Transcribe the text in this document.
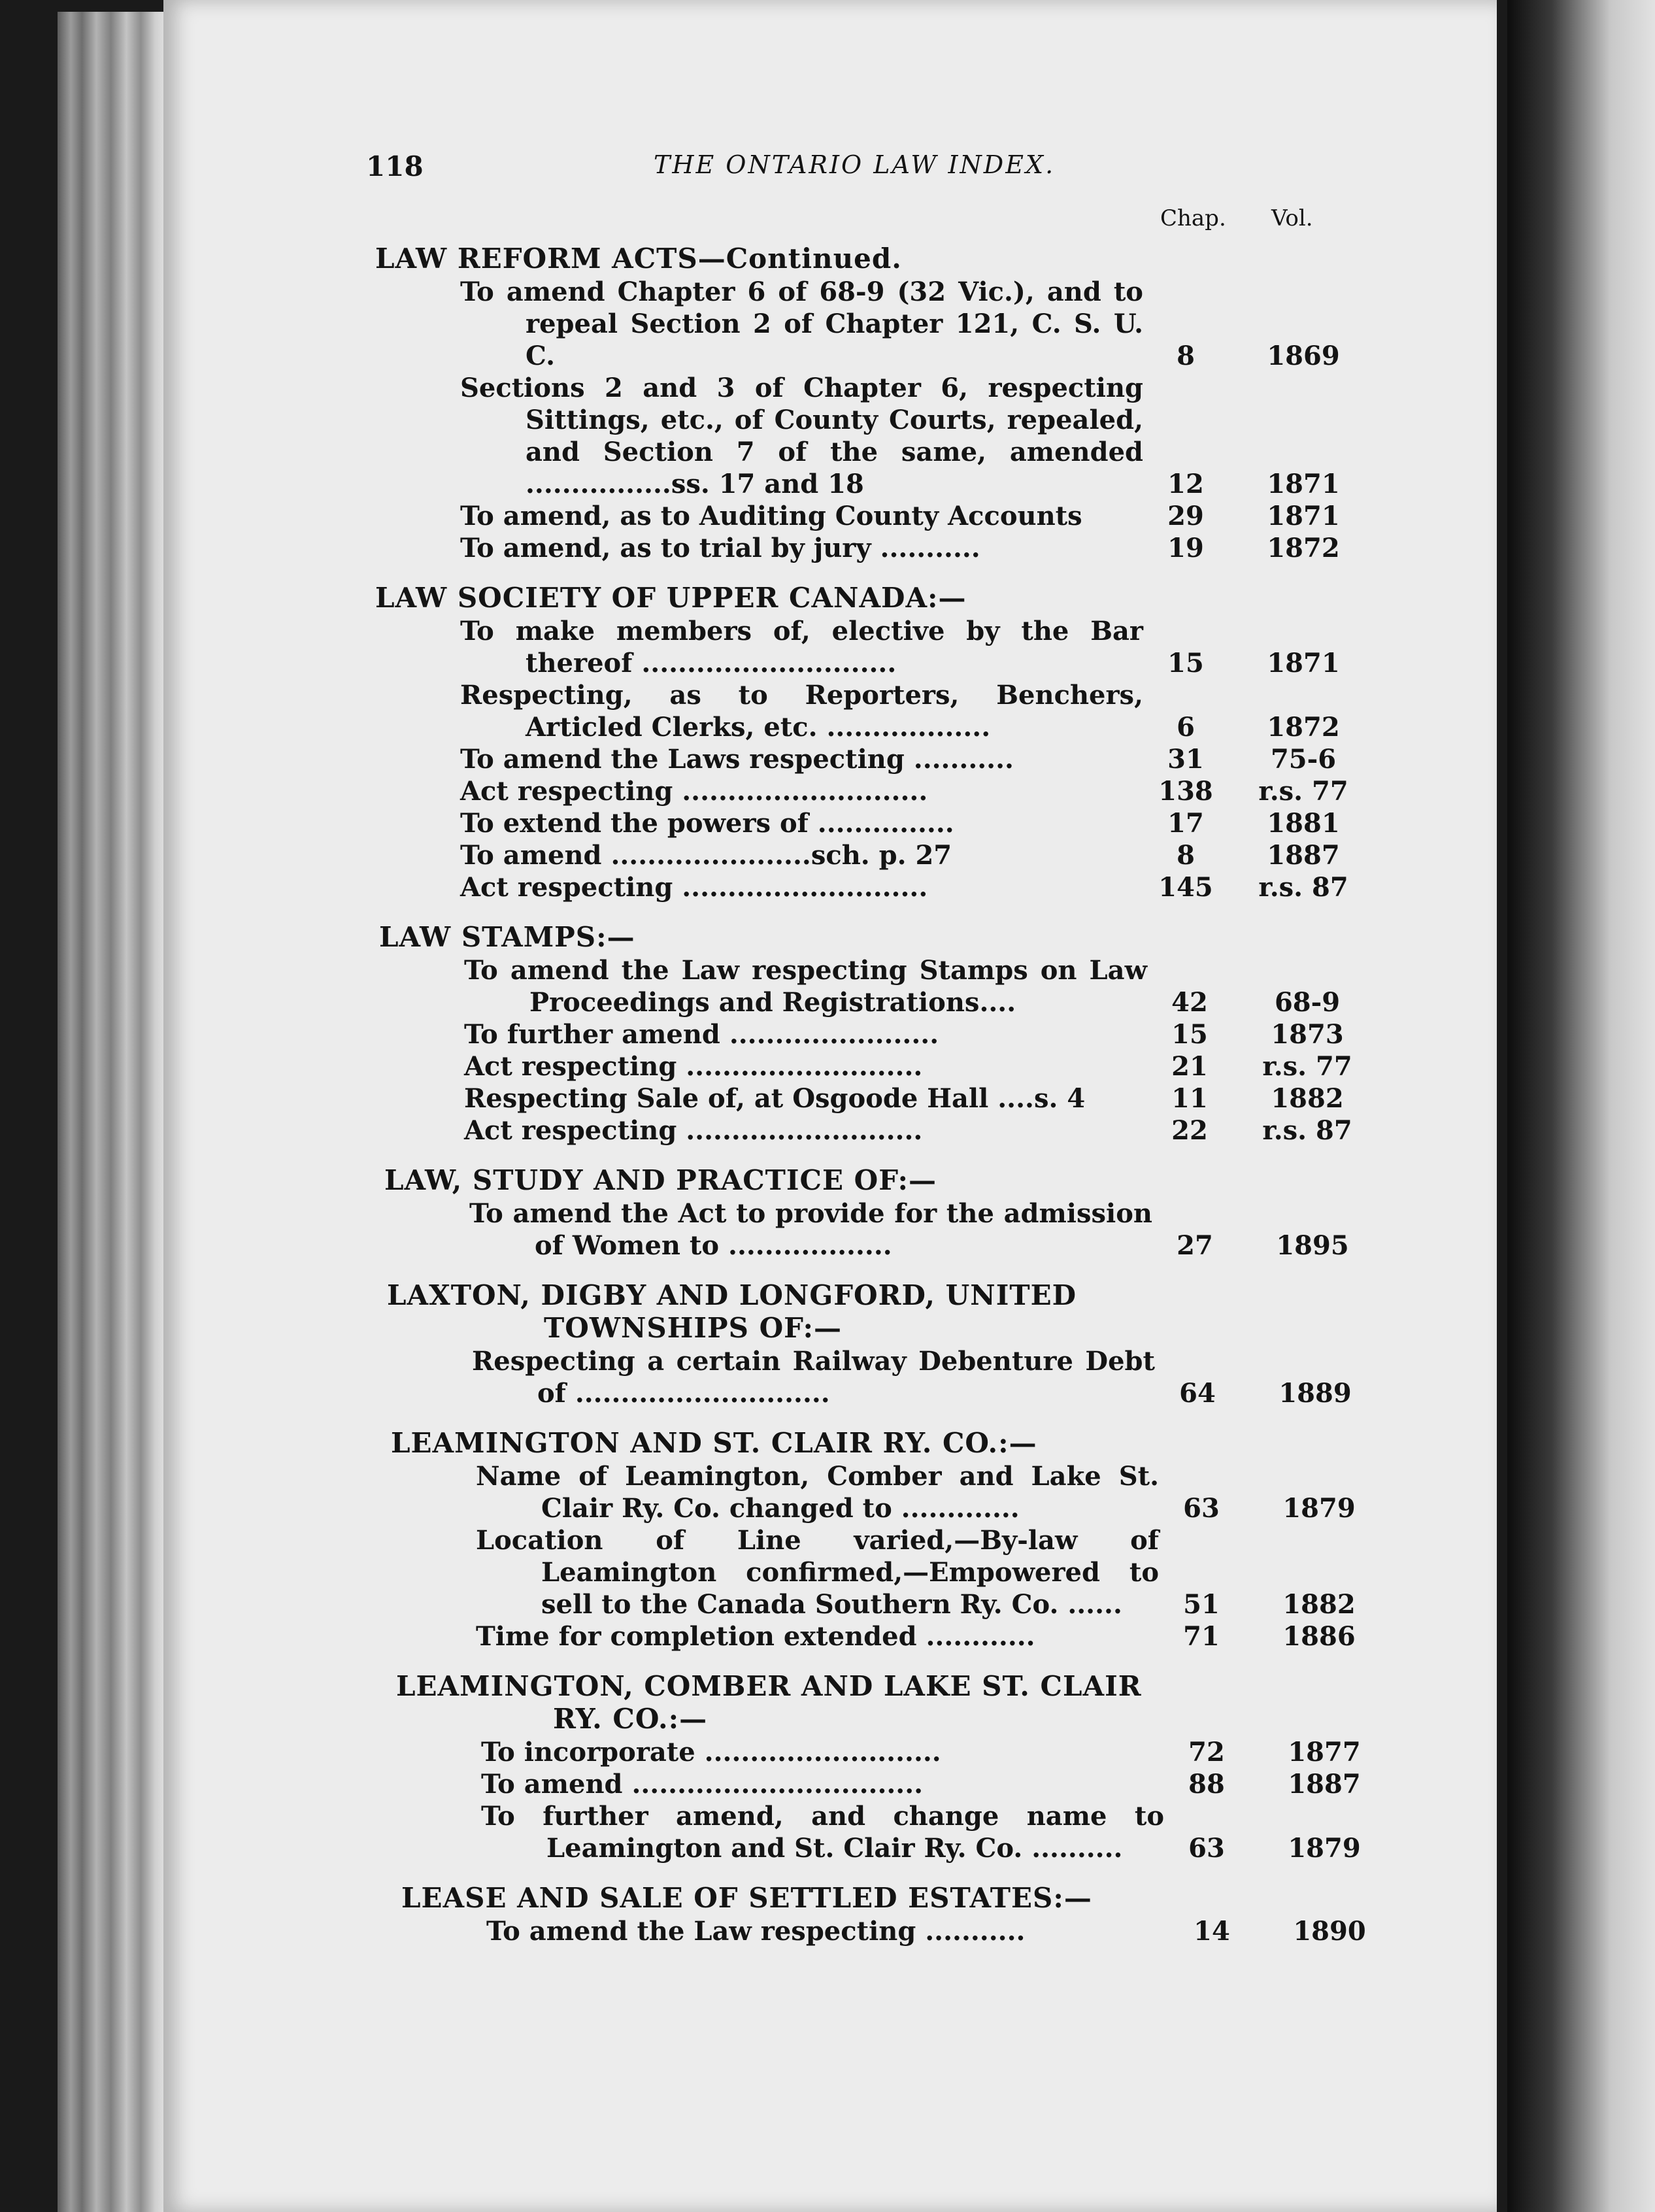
118	THE ONTARIO LAW INDEX.
Chap. Vol.
LAW REFORM ACTS—Continued.
To amend Chapter 6 of 68-9 (32 Vic.), and to repeal Section 2 of Chapter 121, C. S. U. C.	8	1869
Sections 2 and 3 of Chapter 6, respecting Sittings, etc., of County Courts, repealed, and Section 7 of the same, amended ................ss. 17 and 18	12	1871
To amend, as to Auditing County Accounts	29	1871
To amend, as to trial by jury ...........	19	1872
LAW SOCIETY OF UPPER CANADA:—
To make members of, elective by the Bar thereof ............................	15	1871
Respecting, as to Reporters, Benchers, Articled Clerks, etc. ..................	6	1872
To amend the Laws respecting ...........	31	75-6
Act respecting ...........................	138	r.s. 77
To extend the powers of ...............	17	1881
To amend ......................sch. p. 27	8	1887
Act respecting ...........................	145	r.s. 87
LAW STAMPS:—
To amend the Law respecting Stamps on Law Proceedings and Registrations....	42	68-9
To further amend .......................	15	1873
Act respecting ..........................	21	r.s. 77
Respecting Sale of, at Osgoode Hall ....s. 4	11	1882
Act respecting ..........................	22	r.s. 87
LAW, STUDY AND PRACTICE OF:—
To amend the Act to provide for the admission of Women to ..................	27	1895
LAXTON, DIGBY AND LONGFORD, UNITED
TOWNSHIPS OF:—
Respecting a certain Railway Debenture Debt of ............................	64	1889
LEAMINGTON AND ST. CLAIR RY. CO.:—
Name of Leamington, Comber and Lake St. Clair Ry. Co. changed to .............	63	1879
Location of Line varied,—By-law of Leamington confirmed,—Empowered to sell to the Canada Southern Ry. Co. ......	51	1882
Time for completion extended ............	71	1886
LEAMINGTON, COMBER AND LAKE ST. CLAIR
RY. CO.:—
To incorporate ..........................	72	1877
To amend ................................	88	1887
To further amend, and change name to Leamington and St. Clair Ry. Co. ..........	63	1879
LEASE AND SALE OF SETTLED ESTATES:—
To amend the Law respecting ...........	14	1890
